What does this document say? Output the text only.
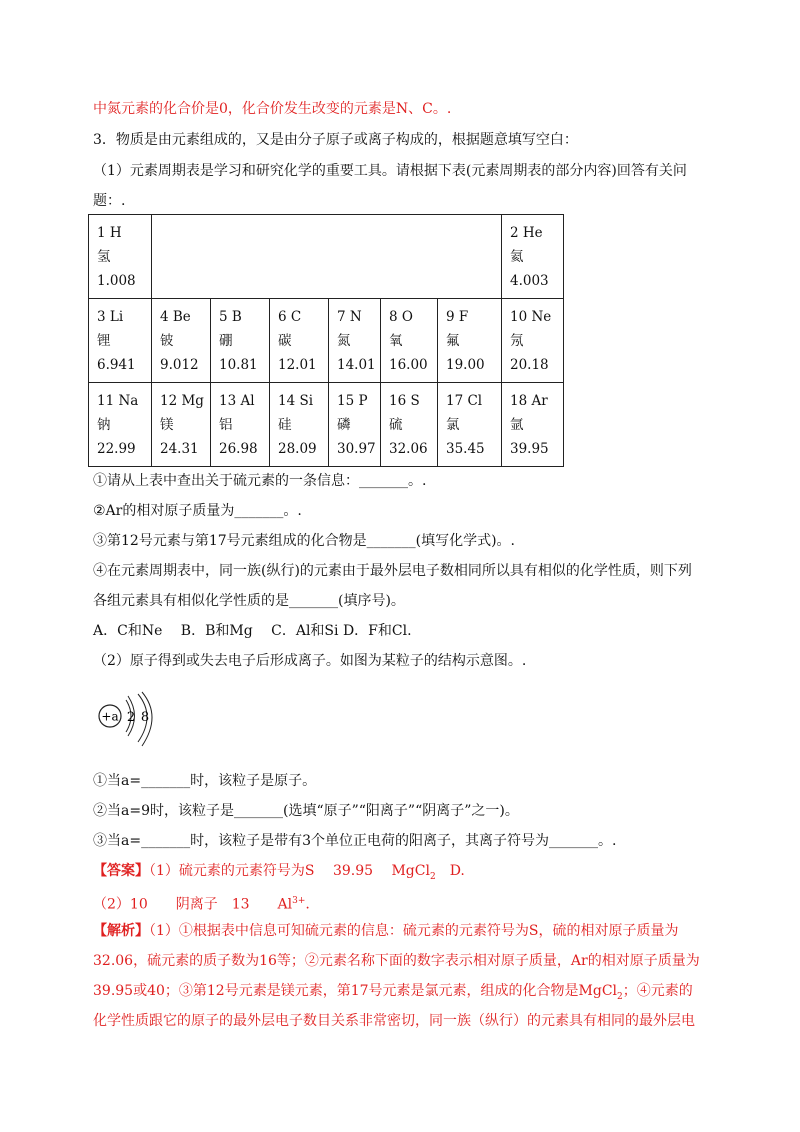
中氮元素的化合价是0，化合价发生改变的元素是N、C。.
3．物质是由元素组成的，又是由分子原子或离子构成的，根据题意填写空白：
（1）元素周期表是学习和研究化学的重要工具。请根据下表(元素周期表的部分内容)回答有关问
题：.
1 H
氢
1.008							2 He
氦
4.003

3 Li
锂
6.941	4 Be
铍
9.012	5 B
硼
10.81	6 C
碳
12.01	7 N
氮
14.01	8 O
氧
16.00	9 F
氟
19.00	10 Ne
氖
20.18

11 Na
钠
22.99	12 Mg
镁
24.31	13 Al
铝
26.98	14 Si
硅
28.09	15 P
磷
30.97	16 S
硫
32.06	17 Cl
氯
35.45	18 Ar
氩
39.95
①请从上表中查出关于硫元素的一条信息：_______。.
②Ar的相对原子质量为_______。.
③第12号元素与第17号元素组成的化合物是_______(填写化学式)。.
④在元素周期表中，同一族(纵行)的元素由于最外层电子数相同所以具有相似的化学性质，则下列
各组元素具有相似化学性质的是_______(填序号)。
A．C和Ne　 B．B和Mg　 C．Al和Si D．F和Cl.
（2）原子得到或失去电子后形成离子。如图为某粒子的结构示意图。.
+a 2 8
①当a=_______时，该粒子是原子。
②当a=9时，该粒子是_______(选填“原子”“阳离子”“阴离子”之一)。
③当a=_______时，该粒子是带有3个单位正电荷的阳离子，其离子符号为_______。.
【答案】（1）硫元素的元素符号为S　 39.95　 MgCl$_2$　D.
（2）10　　阴离子　13　　$Al^{3+}$.
【解析】（1）①根据表中信息可知硫元素的信息：硫元素的元素符号为S，硫的相对原子质量为
32.06，硫元素的质子数为16等；②元素名称下面的数字表示相对原子质量，Ar的相对原子质量为
39.95或40；③第12号元素是镁元素，第17号元素是氯元素，组成的化合物是MgCl$_2$；④元素的
化学性质跟它的原子的最外层电子数目关系非常密切，同一族（纵行）的元素具有相同的最外层电
